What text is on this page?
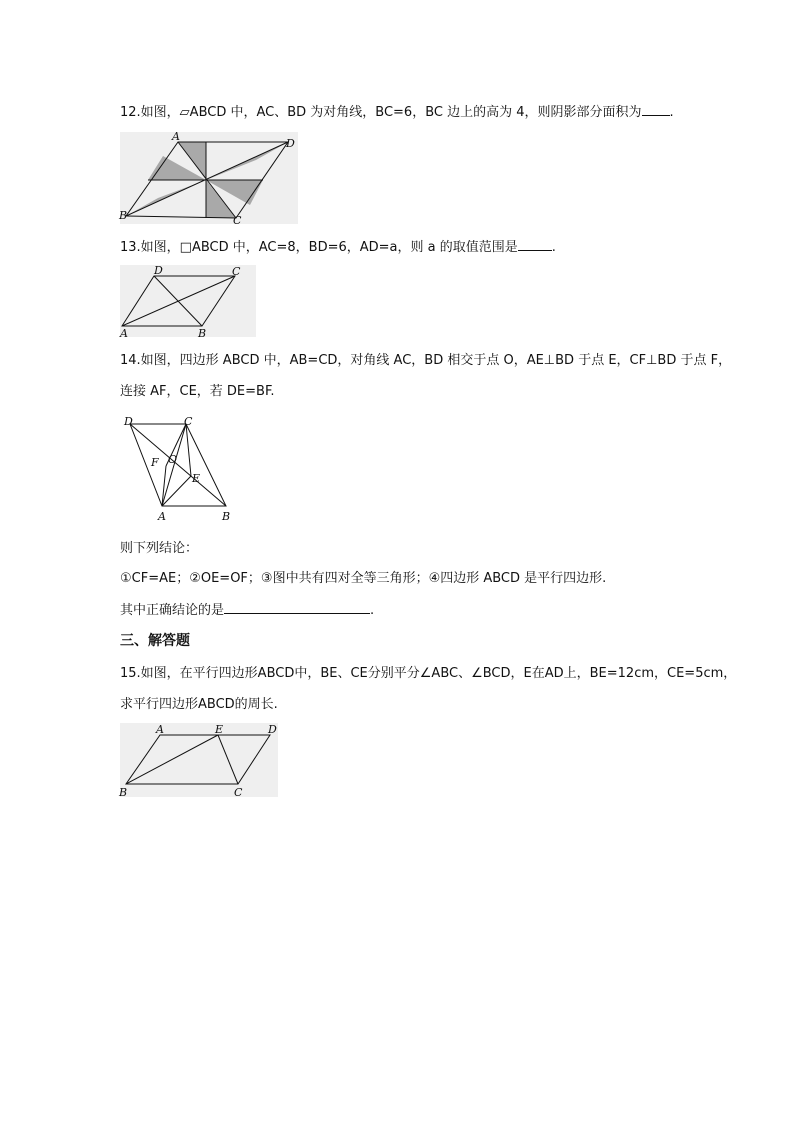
12.如图，▱ABCD 中，AC、BD 为对角线，BC=6，BC 边上的高为 4，则阴影部分面积为 .
A
D
B	C
13.如图，□ABCD 中，AC=8，BD=6，AD=a，则 a 的取值范围是	.
D	C
A	B
14.如图，四边形 ABCD 中，AB=CD，对角线 AC，BD 相交于点 O，AE⊥BD 于点 E，CF⊥BD 于点 F，
连接 AF，CE，若 DE=BF.
D	C
F O
E
A	B
则下列结论：
①CF=AE；②OE=OF；③图中共有四对全等三角形；④四边形 ABCD 是平行四边形.
其中正确结论的是	.
三、解答题
15.如图，在平行四边形ABCD中，BE、CE分别平分∠ABC、∠BCD，E在AD上，BE=12cm，CE=5cm，
求平行四边形ABCD的周长.
A	E	D
B	C
